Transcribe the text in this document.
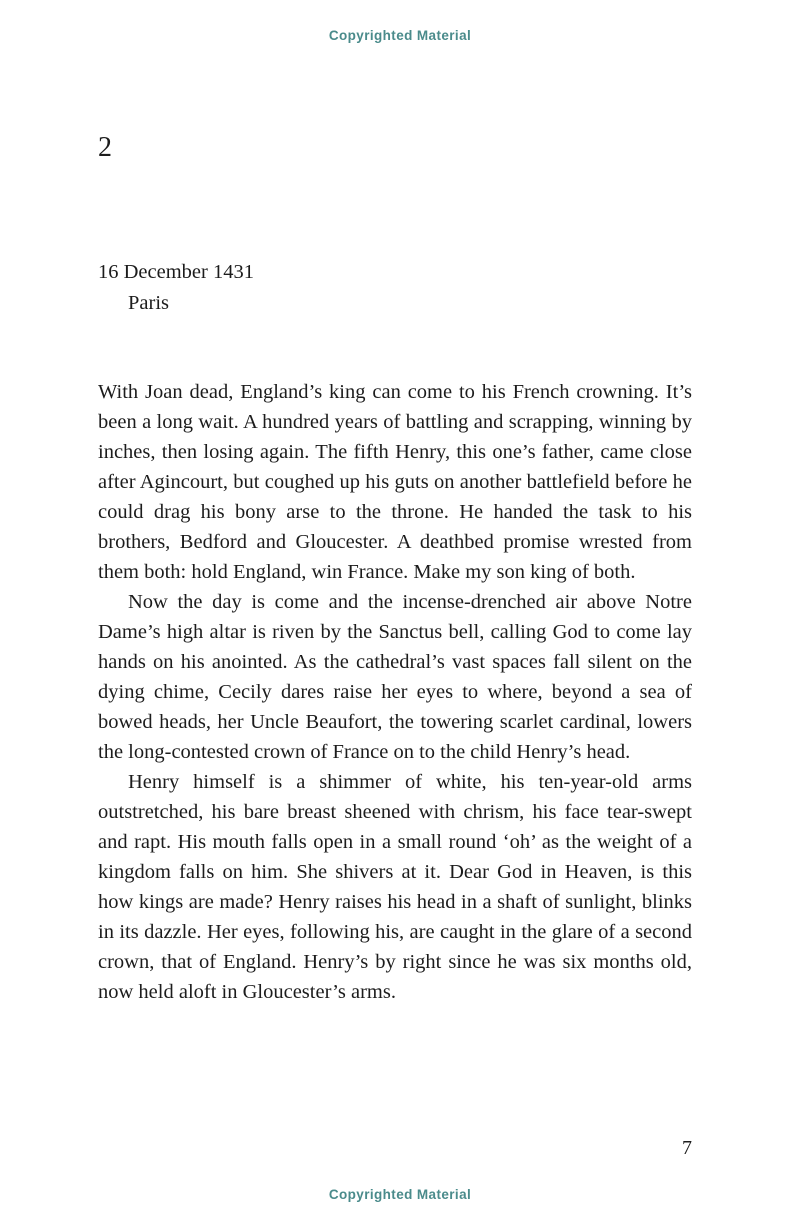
Copyrighted Material
2
16 December 1431
Paris

With Joan dead, England’s king can come to his French crowning. It’s been a long wait. A hundred years of battling and scrapping, winning by inches, then losing again. The fifth Henry, this one’s father, came close after Agincourt, but coughed up his guts on another battlefield before he could drag his bony arse to the throne. He handed the task to his brothers, Bedford and Gloucester. A deathbed promise wrested from them both: hold England, win France. Make my son king of both.

Now the day is come and the incense-drenched air above Notre Dame’s high altar is riven by the Sanctus bell, calling God to come lay hands on his anointed. As the cathedral’s vast spaces fall silent on the dying chime, Cecily dares raise her eyes to where, beyond a sea of bowed heads, her Uncle Beaufort, the towering scarlet cardinal, lowers the long-contested crown of France on to the child Henry’s head.

Henry himself is a shimmer of white, his ten-year-old arms outstretched, his bare breast sheened with chrism, his face tear-swept and rapt. His mouth falls open in a small round ‘oh’ as the weight of a kingdom falls on him. She shivers at it. Dear God in Heaven, is this how kings are made? Henry raises his head in a shaft of sunlight, blinks in its dazzle. Her eyes, following his, are caught in the glare of a second crown, that of England. Henry’s by right since he was six months old, now held aloft in Gloucester’s arms.

7
Copyrighted Material
